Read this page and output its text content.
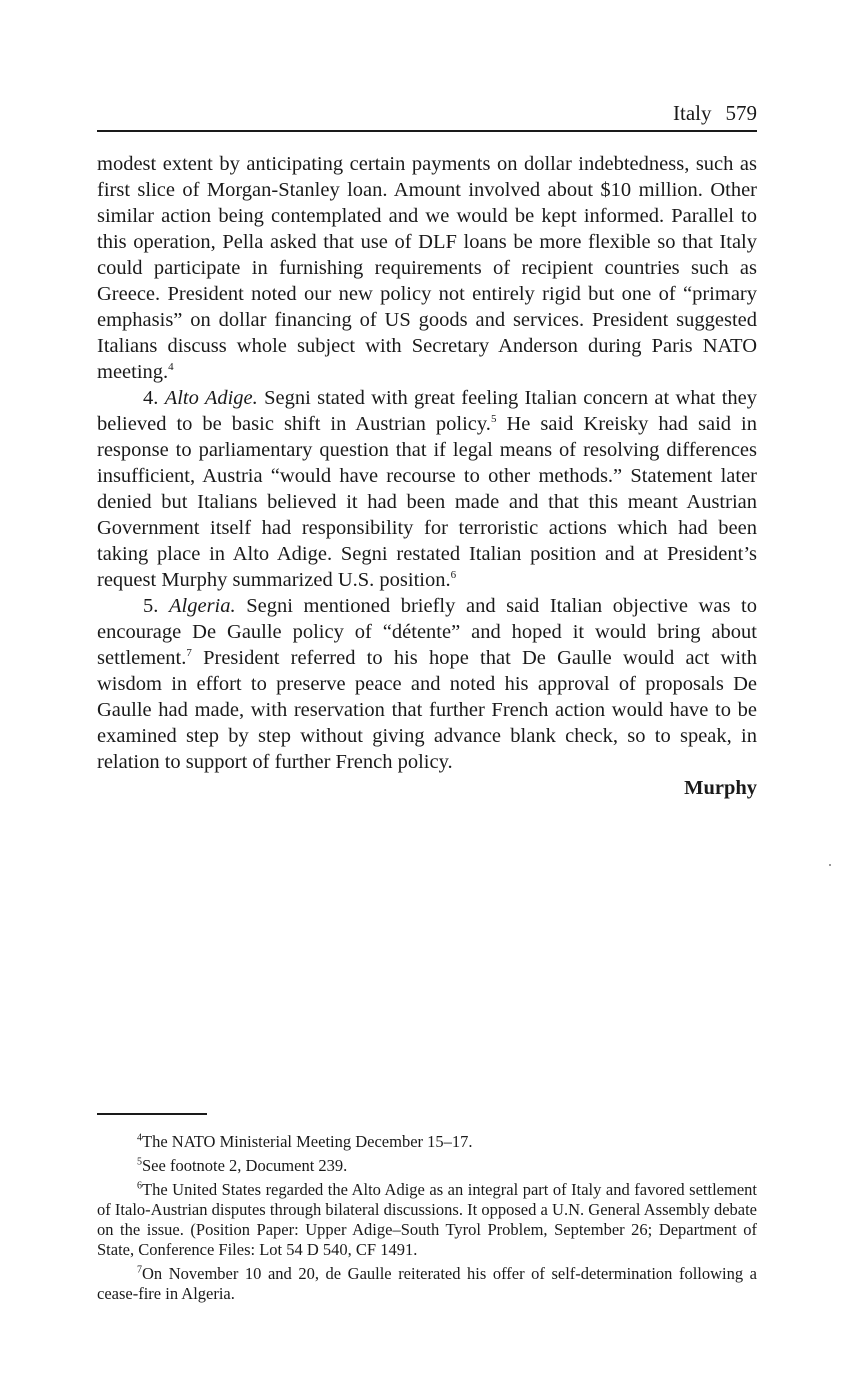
Italy 579

modest extent by anticipating certain payments on dollar indebtedness, such as first slice of Morgan-Stanley loan. Amount involved about $10 million. Other similar action being contemplated and we would be kept informed. Parallel to this operation, Pella asked that use of DLF loans be more flexible so that Italy could participate in furnishing requirements of recipient countries such as Greece. President noted our new policy not entirely rigid but one of “primary emphasis” on dollar financing of US goods and services. President suggested Italians discuss whole subject with Secretary Anderson during Paris NATO meeting.$^4$

4. Alto Adige. Segni stated with great feeling Italian concern at what they believed to be basic shift in Austrian policy.$^5$ He said Kreisky had said in response to parliamentary question that if legal means of resolving differences insufficient, Austria “would have recourse to other methods.” Statement later denied but Italians believed it had been made and that this meant Austrian Government itself had responsibility for terroristic actions which had been taking place in Alto Adige. Segni restated Italian position and at President’s request Murphy summarized U.S. position.$^6$

5. Algeria. Segni mentioned briefly and said Italian objective was to encourage De Gaulle policy of “détente” and hoped it would bring about settlement.$^7$ President referred to his hope that De Gaulle would act with wisdom in effort to preserve peace and noted his approval of proposals De Gaulle had made, with reservation that further French action would have to be examined step by step without giving advance blank check, so to speak, in relation to support of further French policy.

Murphy

$^4$The NATO Ministerial Meeting December 15–17.

$^5$See footnote 2, Document 239.

$^6$The United States regarded the Alto Adige as an integral part of Italy and favored settlement of Italo-Austrian disputes through bilateral discussions. It opposed a U.N. General Assembly debate on the issue. (Position Paper: Upper Adige–South Tyrol Problem, September 26; Department of State, Conference Files: Lot 54 D 540, CF 1491.

$^7$On November 10 and 20, de Gaulle reiterated his offer of self-determination following a cease-fire in Algeria.
